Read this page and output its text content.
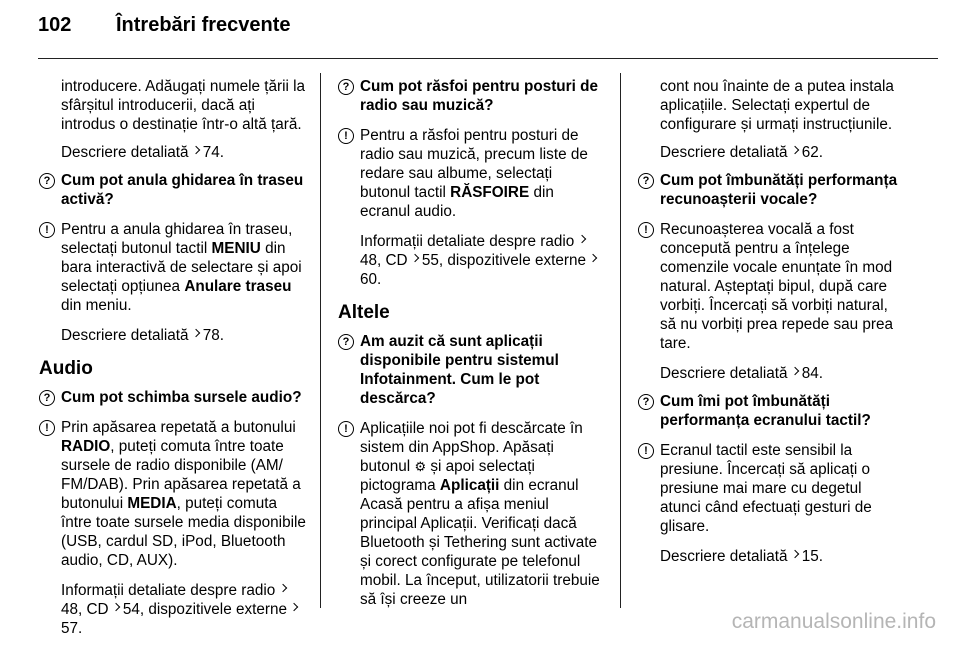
102 Întrebări frecvente

introducere. Adăugați numele țării la sfârșitul introducerii, dacă ați introdus o destinație într-o altă țară.

Descriere detaliată 74.

? Cum pot anula ghidarea în traseu activă?
! Pentru a anula ghidarea în traseu, selectați butonul tactil MENIU din bara interactivă de selectare și apoi selectați opțiunea Anulare traseu din meniu.

Descriere detaliată 78.

Audio
? Cum pot schimba sursele audio?
! Prin apăsarea repetată a butonului RADIO, puteți comuta între toate sursele de radio disponibile (AM/ FM/DAB). Prin apăsarea repetată a butonului MEDIA, puteți comuta între toate sursele media disponibile (USB, cardul SD, iPod, Bluetooth audio, CD, AUX).

Informații detaliate despre radio 48, CD 54, dispozitivele externe 57.

? Cum pot răsfoi pentru posturi de radio sau muzică?
! Pentru a răsfoi pentru posturi de radio sau muzică, precum liste de redare sau albume, selectați butonul tactil RĂSFOIRE din ecranul audio.

Informații detaliate despre radio 48, CD 55, dispozitivele externe 60.

Altele
? Am auzit că sunt aplicații disponibile pentru sistemul Infotainment. Cum le pot descărca?
! Aplicațiile noi pot fi descărcate în sistem din AppShop. Apăsați butonul ⚙ și apoi selectați pictograma Aplicații din ecranul Acasă pentru a afișa meniul principal Aplicații. Verificați dacă Bluetooth și Tethering sunt activate și corect configurate pe telefonul mobil. La început, utilizatorii trebuie să își creeze un

cont nou înainte de a putea instala aplicațiile. Selectați expertul de configurare și urmați instrucțiunile.

Descriere detaliată 62.

? Cum pot îmbunătăți performanța recunoașterii vocale?
! Recunoașterea vocală a fost concepută pentru a înțelege comenzile vocale enunțate în mod natural. Așteptați bipul, după care vorbiți. Încercați să vorbiți natural, să nu vorbiți prea repede sau prea tare.

Descriere detaliată 84.

? Cum îmi pot îmbunătăți performanța ecranului tactil?
! Ecranul tactil este sensibil la presiune. Încercați să aplicați o presiune mai mare cu degetul atunci când efectuați gesturi de glisare.

Descriere detaliată 15.

carmanualsonline.info
